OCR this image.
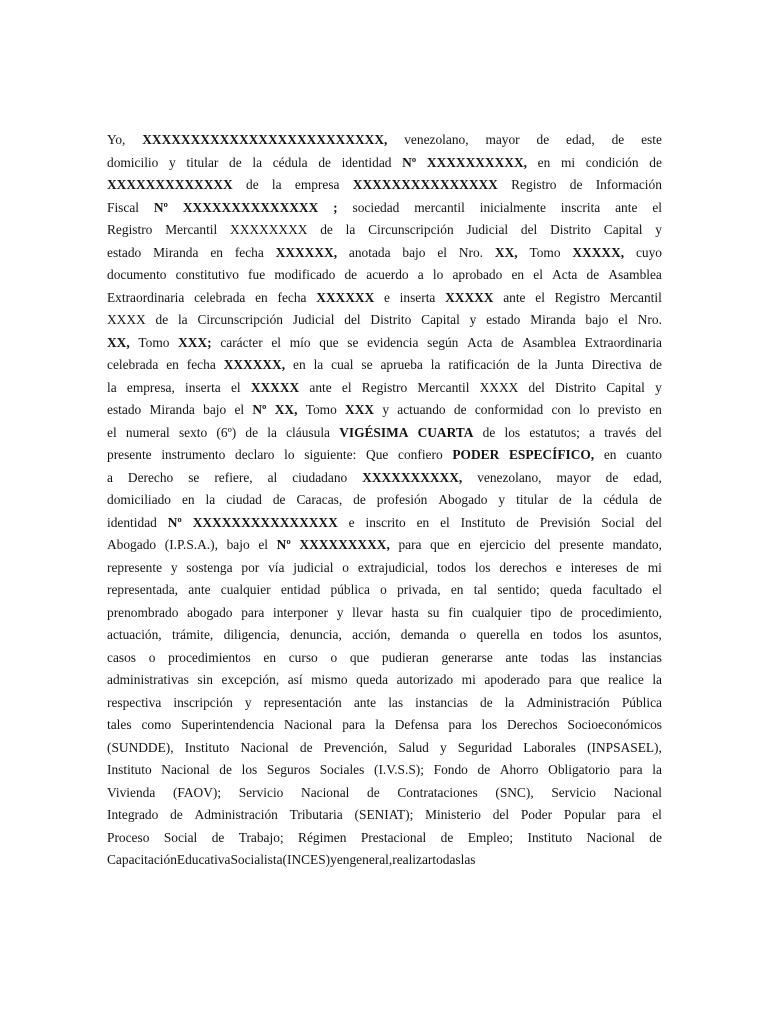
Yo, XXXXXXXXXXXXXXXXXXXXXXXXX, venezolano, mayor de edad, de este
domicilio y titular de la cédula de identidad Nº XXXXXXXXXX, en mi condición de
XXXXXXXXXXXXX de la empresa XXXXXXXXXXXXXXX Registro de Información
Fiscal Nº XXXXXXXXXXXXXX ; sociedad mercantil inicialmente inscrita ante el
Registro Mercantil XXXXXXXX de la Circunscripción Judicial del Distrito Capital y
estado Miranda en fecha XXXXXX, anotada bajo el Nro. XX, Tomo XXXXX, cuyo
documento constitutivo fue modificado de acuerdo a lo aprobado en el Acta de Asamblea
Extraordinaria celebrada en fecha XXXXXX e inserta XXXXX ante el Registro Mercantil
XXXX de la Circunscripción Judicial del Distrito Capital y estado Miranda bajo el Nro.
XX, Tomo XXX; carácter el mío que se evidencia según Acta de Asamblea Extraordinaria
celebrada en fecha XXXXXX, en la cual se aprueba la ratificación de la Junta Directiva de
la empresa, inserta el XXXXX ante el Registro Mercantil XXXX del Distrito Capital y
estado Miranda bajo el Nº XX, Tomo XXX y actuando de conformidad con lo previsto en
el numeral sexto (6º) de la cláusula VIGÉSIMA CUARTA de los estatutos; a través del
presente instrumento declaro lo siguiente: Que confiero PODER ESPECÍFICO, en cuanto
a Derecho se refiere, al ciudadano XXXXXXXXXX, venezolano, mayor de edad,
domiciliado en la ciudad de Caracas, de profesión Abogado y titular de la cédula de
identidad Nº XXXXXXXXXXXXXXX e inscrito en el Instituto de Previsión Social del
Abogado (I.P.S.A.), bajo el Nº XXXXXXXXX, para que en ejercicio del presente mandato,
represente y sostenga por vía judicial o extrajudicial, todos los derechos e intereses de mi
representada, ante cualquier entidad pública o privada, en tal sentido; queda facultado el
prenombrado abogado para interponer y llevar hasta su fin cualquier tipo de procedimiento,
actuación, trámite, diligencia, denuncia, acción, demanda o querella en todos los asuntos,
casos o procedimientos en curso o que pudieran generarse ante todas las instancias
administrativas sin excepción, así mismo queda autorizado mi apoderado para que realice la
respectiva inscripción y representación ante las instancias de la Administración Pública
tales como Superintendencia Nacional para la Defensa para los Derechos Socioeconómicos
(SUNDDE), Instituto Nacional de Prevención, Salud y Seguridad Laborales (INPSASEL),
Instituto Nacional de los Seguros Sociales (I.V.S.S); Fondo de Ahorro Obligatorio para la
Vivienda (FAOV); Servicio Nacional de Contrataciones (SNC), Servicio Nacional
Integrado de Administración Tributaria (SENIAT); Ministerio del Poder Popular para el
Proceso Social de Trabajo; Régimen Prestacional de Empleo; Instituto Nacional de
Capacitación Educativa Socialista (INCES) y en general, realizar todas las
